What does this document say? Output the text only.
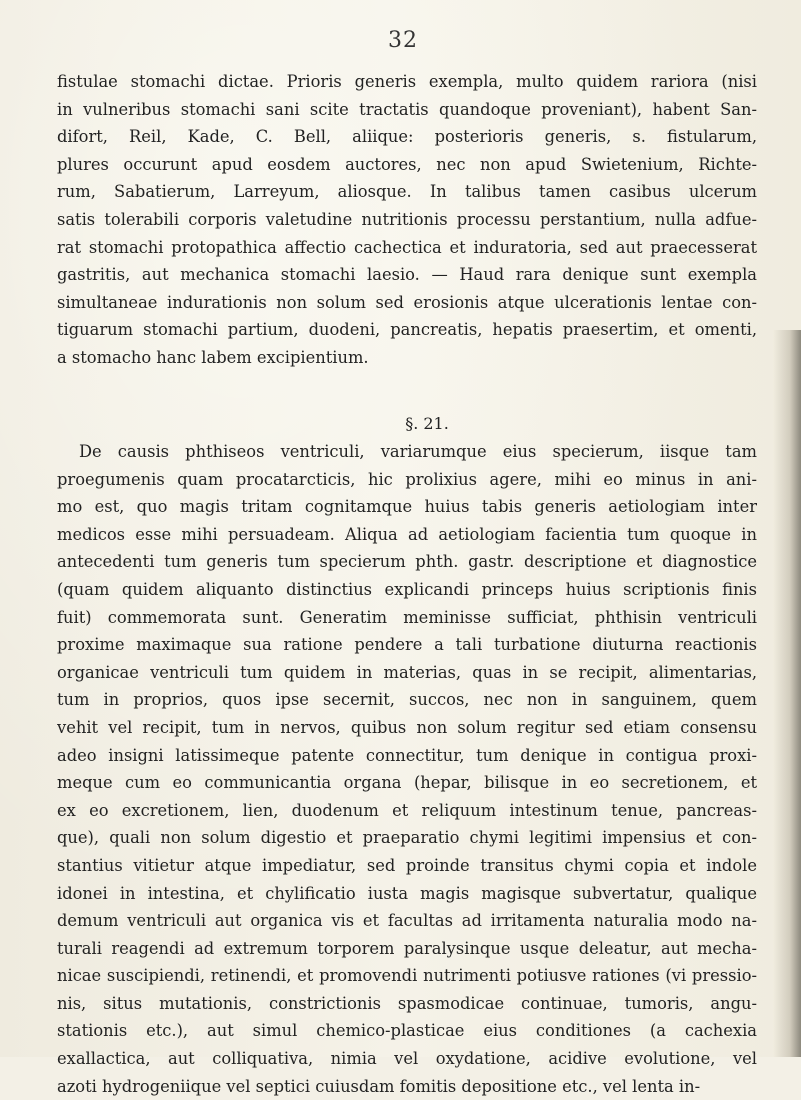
32
fistulae stomachi dictae. Prioris generis exempla, multo quidem rariora (nisi
in vulneribus stomachi sani scite tractatis quandoque proveniant), habent San-
difort, Reil, Kade, C. Bell, aliique: posterioris generis, s. fistularum,
plures occurunt apud eosdem auctores, nec non apud Swietenium, Richte-
rum, Sabatierum, Larreyum, aliosque. In talibus tamen casibus ulcerum
satis tolerabili corporis valetudine nutritionis processu perstantium, nulla adfue-
rat stomachi protopathica affectio cachectica et induratoria, sed aut praecesserat
gastritis, aut mechanica stomachi laesio. — Haud rara denique sunt exempla
simultaneae indurationis non solum sed erosionis atque ulcerationis lentae con-
tiguarum stomachi partium, duodeni, pancreatis, hepatis praesertim, et omenti,
a stomacho hanc labem excipientium.
§. 21.
De causis phthiseos ventriculi, variarumque eius specierum, iisque tam
proegumenis quam procatarcticis, hic prolixius agere, mihi eo minus in ani-
mo est, quo magis tritam cognitamque huius tabis generis aetiologiam inter
medicos esse mihi persuadeam. Aliqua ad aetiologiam facientia tum quoque in
antecedenti tum generis tum specierum phth. gastr. descriptione et diagnostice
(quam quidem aliquanto distinctius explicandi princeps huius scriptionis finis
fuit) commemorata sunt. Generatim meminisse sufficiat, phthisin ventriculi
proxime maximaque sua ratione pendere a tali turbatione diuturna reactionis
organicae ventriculi tum quidem in materias, quas in se recipit, alimentarias,
tum in proprios, quos ipse secernit, succos, nec non in sanguinem, quem
vehit vel recipit, tum in nervos, quibus non solum regitur sed etiam consensu
adeo insigni latissimeque patente connectitur, tum denique in contigua proxi-
meque cum eo communicantia organa (hepar, bilisque in eo secretionem, et
ex eo excretionem, lien, duodenum et reliquum intestinum tenue, pancreas-
que), quali non solum digestio et praeparatio chymi legitimi impensius et con-
stantius vitietur atque impediatur, sed proinde transitus chymi copia et indole
idonei in intestina, et chylificatio iusta magis magisque subvertatur, qualique
demum ventriculi aut organica vis et facultas ad irritamenta naturalia modo na-
turali reagendi ad extremum torporem paralysinque usque deleatur, aut mecha-
nicae suscipiendi, retinendi, et promovendi nutrimenti potiusve rationes (vi pressio-
nis, situs mutationis, constrictionis spasmodicae continuae, tumoris, angu-
stationis etc.), aut simul chemico-plasticae eius conditiones (a cachexia
exallactica, aut colliquativa, nimia vel oxydatione, acidive evolutione, vel
azoti hydrogeniique vel septici cuiusdam fomitis depositione etc., vel lenta in-
